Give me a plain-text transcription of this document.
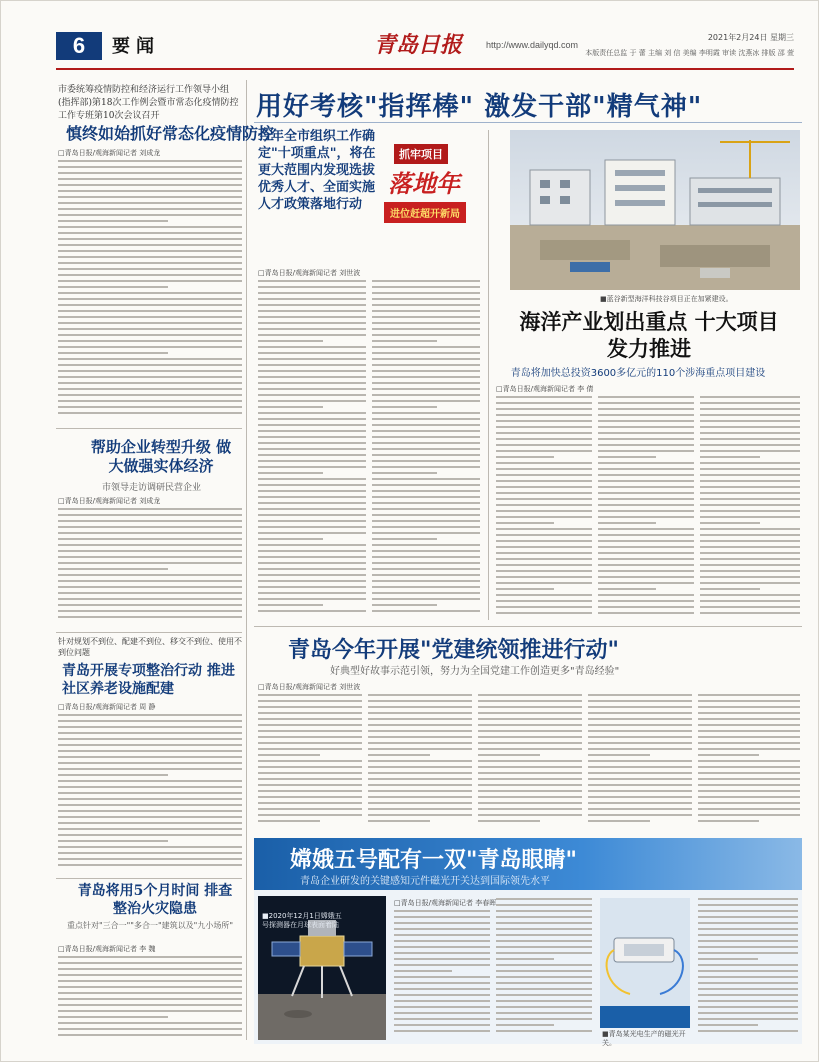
6	要闻	青岛日报	http://www.dailyqd.com
2021年2月24日 星期三
本版责任总监 于 蕾 主编 刘 信 美编 李明霞 审读 沈燕冰 排版 邵 萱
市委统筹疫情防控和经济运行工作领导小组(指挥部)第18次工作例会暨市常态化疫情防控工作专班第10次会议召开
慎终如始抓好常态化疫情防控
□青岛日报/观海新闻记者 刘成龙
帮助企业转型升级 做大做强实体经济
市领导走访调研民营企业
□青岛日报/观海新闻记者 刘成龙
针对规划不到位、配建不到位、移交不到位、使用不到位问题
青岛开展专项整治行动 推进社区养老设施配建
□青岛日报/观海新闻记者 周 静
青岛将用5个月时间 排查整治火灾隐患
重点针对"三合一""多合一"建筑以及"九小场所"
□青岛日报/观海新闻记者 李 魏
用好考核"指挥棒" 激发干部"精气神"
今年全市组织工作确定"十项重点"，将在更大范围内发现选拔优秀人才、全面实施人才政策落地行动
抓牢项目
落地年
进位赶超开新局
■蓝谷新型海洋科技谷项目正在加紧建设。
□青岛日报/观海新闻记者 刘世波
海洋产业划出重点 十大项目发力推进
青岛将加快总投资3600多亿元的110个涉海重点项目建设
□青岛日报/观海新闻记者 李 倩
青岛今年开展"党建统领推进行动"
好典型好故事示范引领，努力为全国党建工作创造更多"青岛经验"
□青岛日报/观海新闻记者 刘世波
嫦娥五号配有一双"青岛眼睛"
青岛企业研发的关键感知元件磁光开关达到国际领先水平
■2020年12月1日嫦娥五号探测器在月球表面着陆
□青岛日报/观海新闻记者 李春晖
■青岛某光电生产的磁光开关。
